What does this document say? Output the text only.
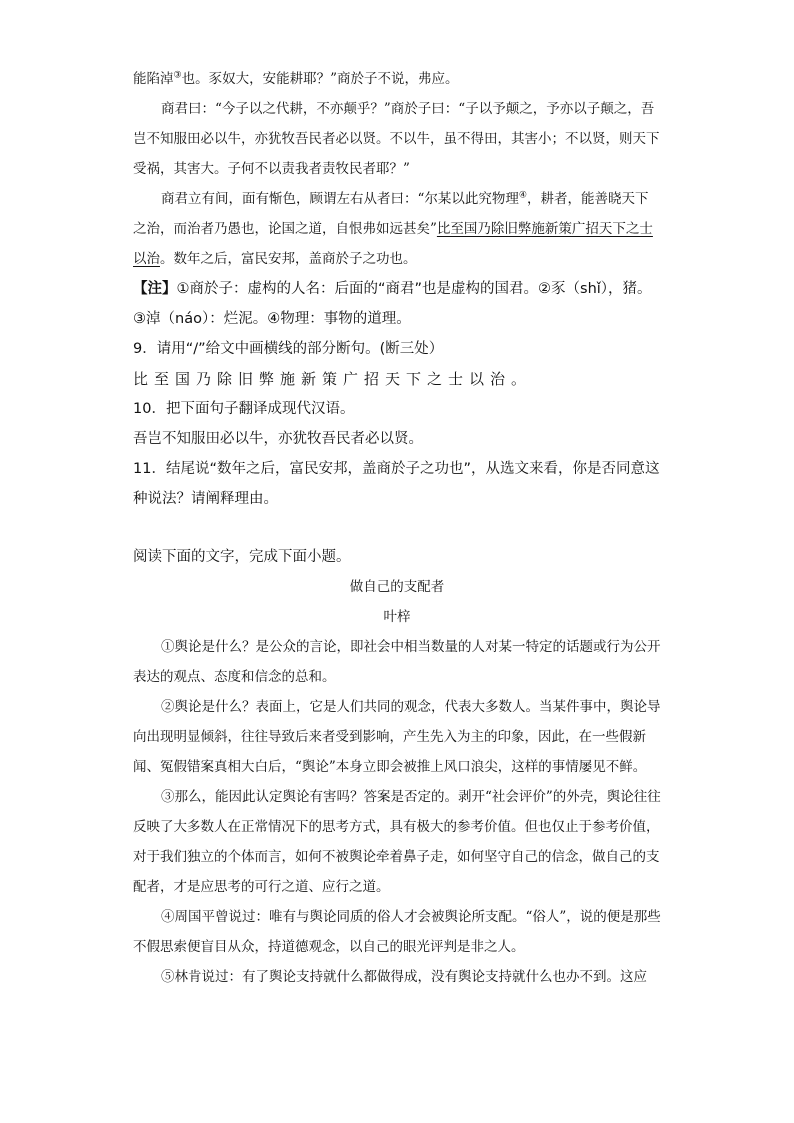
能陷淖③也。豕奴大，安能耕耶？”商於子不说，弗应。

商君曰：“今子以之代耕，不亦颠乎？”商於子曰：“子以予颠之，予亦以子颠之，吾岂不知服田必以牛，亦犹牧吾民者必以贤。不以牛，虽不得田，其害小；不以贤，则天下受祸，其害大。子何不以责我者责牧民者耶？”

商君立有间，面有惭色，顾谓左右从者曰：“尔某以此究物理④，耕者，能善晓天下之治，而治者乃愚也，论国之道，自恨弗如远甚矣”比至国乃除旧弊施新策广招天下之士以治。数年之后，富民安邦，盖商於子之功也。

【注】①商於子：虚构的人名：后面的“商君”也是虚构的国君。②豕（shǐ），猪。③淖（náo）：烂泥。④物理：事物的道理。

9．请用“/”给文中画横线的部分断句。(断三处）

比至国乃除旧弊施新策广招天下之士以治。

10．把下面句子翻译成现代汉语。

吾岂不知服田必以牛，亦犹牧吾民者必以贤。

11．结尾说“数年之后，富民安邦，盖商於子之功也”，从选文来看，你是否同意这种说法？请阐释理由。

阅读下面的文字，完成下面小题。

做自己的支配者

叶梓

①舆论是什么？是公众的言论，即社会中相当数量的人对某一特定的话题或行为公开表达的观点、态度和信念的总和。

②舆论是什么？表面上，它是人们共同的观念，代表大多数人。当某件事中，舆论导向出现明显倾斜，往往导致后来者受到影响，产生先入为主的印象，因此，在一些假新闻、冤假错案真相大白后，“舆论”本身立即会被推上风口浪尖，这样的事情屡见不鲜。

③那么，能因此认定舆论有害吗？答案是否定的。剥开“社会评价”的外壳，舆论往往反映了大多数人在正常情况下的思考方式，具有极大的参考价值。但也仅止于参考价值，对于我们独立的个体而言，如何不被舆论牵着鼻子走，如何坚守自己的信念，做自己的支配者，才是应思考的可行之道、应行之道。

④周国平曾说过：唯有与舆论同质的俗人才会被舆论所支配。“俗人”，说的便是那些不假思索便盲目从众，持道德观念，以自己的眼光评判是非之人。

⑤林肯说过：有了舆论支持就什么都做得成，没有舆论支持就什么也办不到。这应
